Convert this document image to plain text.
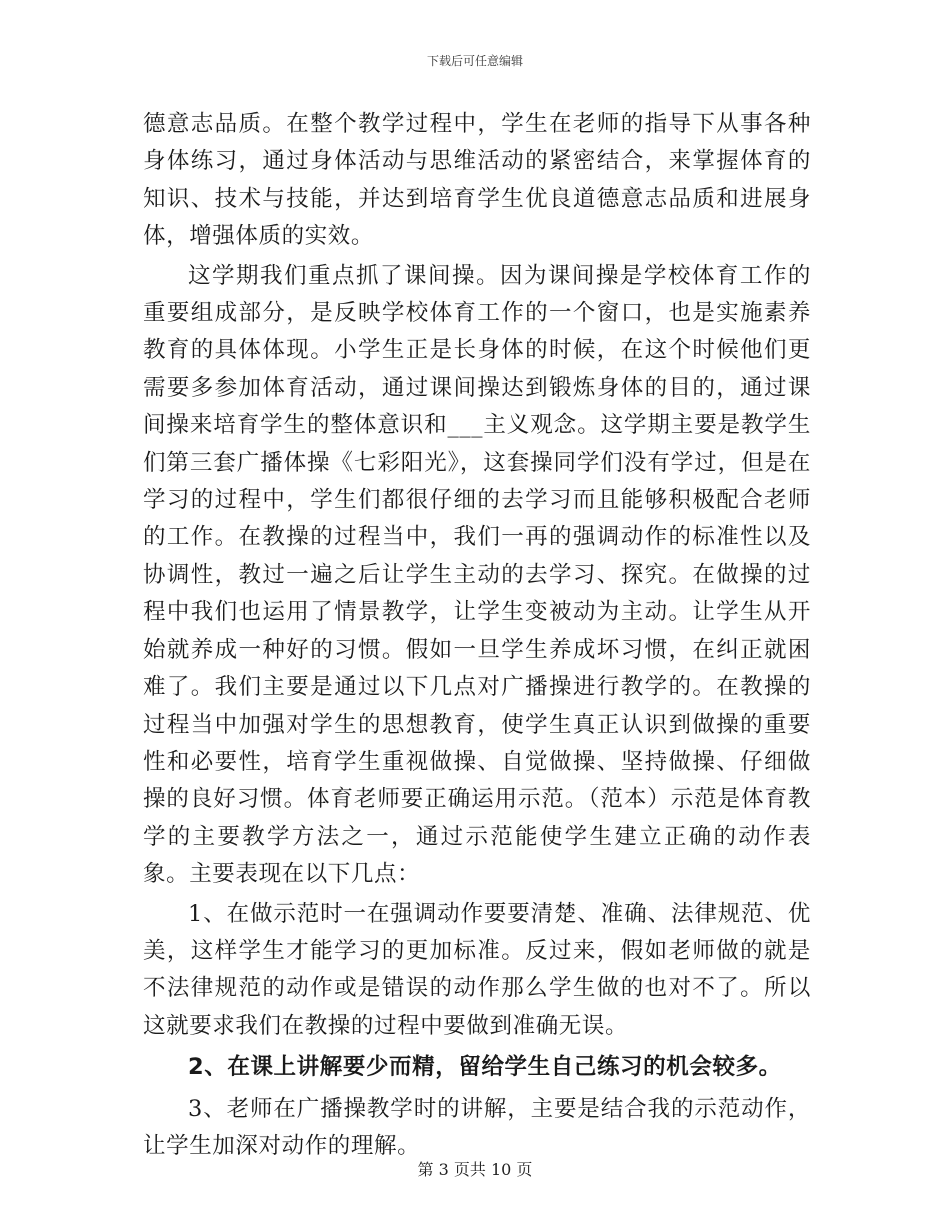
下载后可任意编辑

德意志品质。在整个教学过程中，学生在老师的指导下从事各种身体练习，通过身体活动与思维活动的紧密结合，来掌握体育的知识、技术与技能，并达到培育学生优良道德意志品质和进展身体，增强体质的实效。

这学期我们重点抓了课间操。因为课间操是学校体育工作的重要组成部分，是反映学校体育工作的一个窗口，也是实施素养教育的具体体现。小学生正是长身体的时候，在这个时候他们更需要多参加体育活动，通过课间操达到锻炼身体的目的，通过课间操来培育学生的整体意识和___主义观念。这学期主要是教学生们第三套广播体操《七彩阳光》，这套操同学们没有学过，但是在学习的过程中，学生们都很仔细的去学习而且能够积极配合老师的工作。在教操的过程当中，我们一再的强调动作的标准性以及协调性，教过一遍之后让学生主动的去学习、探究。在做操的过程中我们也运用了情景教学，让学生变被动为主动。让学生从开始就养成一种好的习惯。假如一旦学生养成坏习惯，在纠正就困难了。我们主要是通过以下几点对广播操进行教学的。在教操的过程当中加强对学生的思想教育，使学生真正认识到做操的重要性和必要性，培育学生重视做操、自觉做操、坚持做操、仔细做操的良好习惯。体育老师要正确运用示范。（范本）示范是体育教学的主要教学方法之一，通过示范能使学生建立正确的动作表象。主要表现在以下几点：

1、在做示范时一在强调动作要要清楚、准确、法律规范、优美，这样学生才能学习的更加标准。反过来，假如老师做的就是不法律规范的动作或是错误的动作那么学生做的也对不了。所以这就要求我们在教操的过程中要做到准确无误。

2、在课上讲解要少而精，留给学生自己练习的机会较多。

3、老师在广播操教学时的讲解，主要是结合我的示范动作，让学生加深对动作的理解。

第 3 页共 10 页
